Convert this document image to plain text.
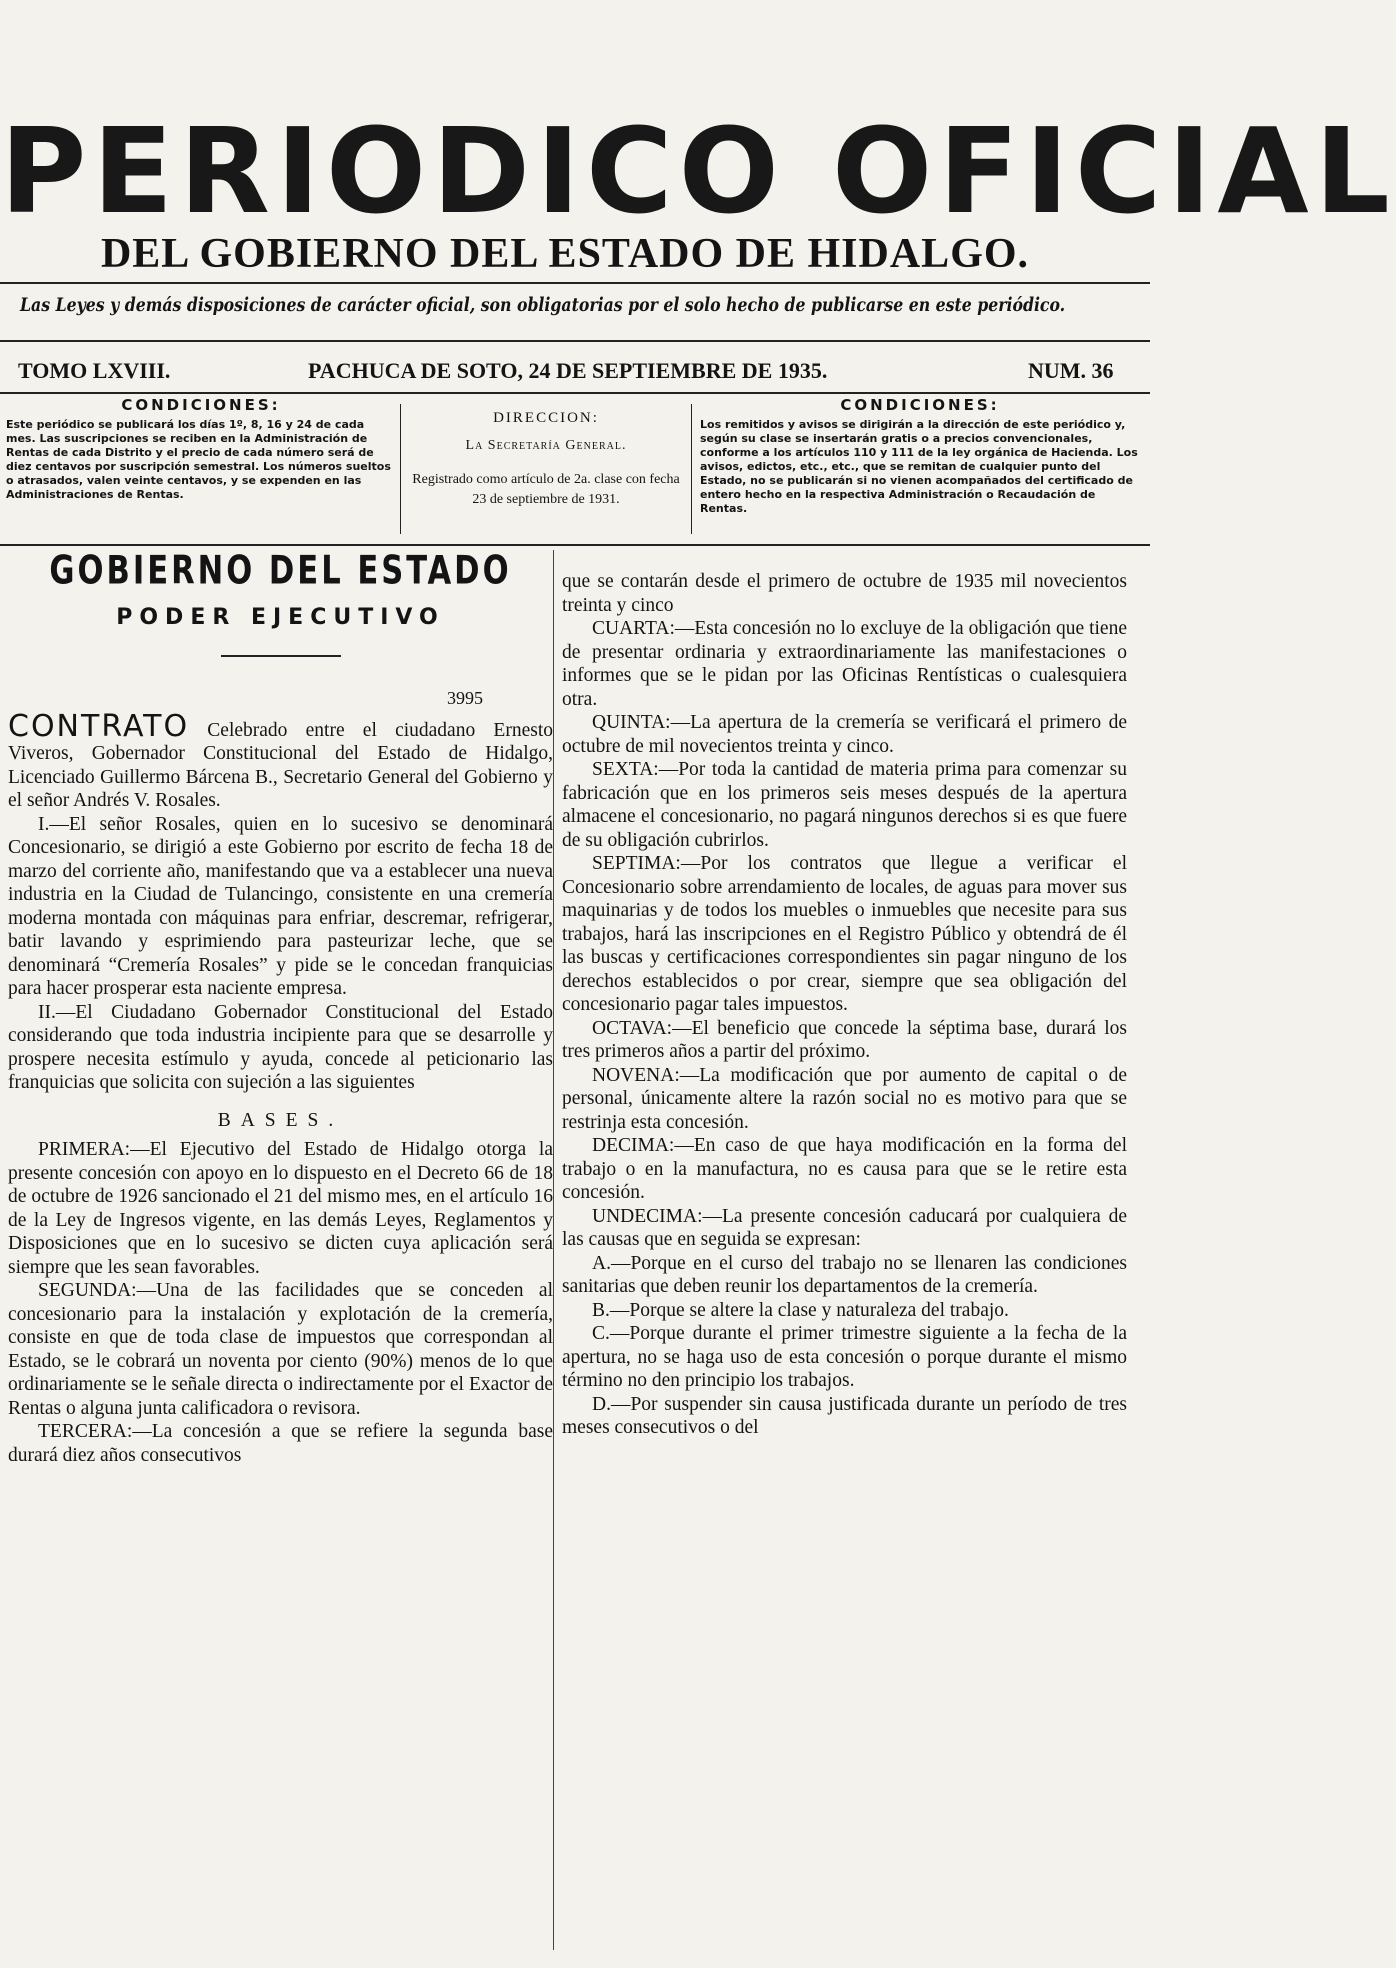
PERIODICO OFICIAL
DEL GOBIERNO DEL ESTADO DE HIDALGO.
Las Leyes y demás disposiciones de carácter oficial, son obligatorias por el solo hecho de publicarse en este periódico.
TOMO LXVIII.	PACHUCA DE SOTO, 24 DE SEPTIEMBRE DE 1935.	NUM. 36
CONDICIONES:
Este periódico se publicará los días 1º, 8, 16 y 24 de cada mes. Las suscripciones se reciben en la Administración de Rentas de cada Distrito y el precio de cada número será de diez centavos por suscripción semestral. Los números sueltos o atrasados, valen veinte centavos, y se expenden en las Administraciones de Rentas.
DIRECCION:
La Secretaría General.
Registrado como artículo de 2a. clase con fecha 23 de septiembre de 1931.
CONDICIONES:
Los remitidos y avisos se dirigirán a la dirección de este periódico y, según su clase se insertarán gratis o a precios convencionales, conforme a los artículos 110 y 111 de la ley orgánica de Hacienda. Los avisos, edictos, etc., etc., que se remitan de cualquier punto del Estado, no se publicarán si no vienen acompañados del certificado de entero hecho en la respectiva Administración o Recaudación de Rentas.
GOBIERNO DEL ESTADO
PODER EJECUTIVO
3995

CONTRATO Celebrado entre el ciudadano Ernesto Viveros, Gobernador Constitucional del Estado de Hidalgo, Licenciado Guillermo Bárcena B., Secretario General del Gobierno y el señor Andrés V. Rosales.

I.—El señor Rosales, quien en lo sucesivo se denominará Concesionario, se dirigió a este Gobierno por escrito de fecha 18 de marzo del corriente año, manifestando que va a establecer una nueva industria en la Ciudad de Tulancingo, consistente en una cremería moderna montada con máquinas para enfriar, descremar, refrigerar, batir lavando y esprimiendo para pasteurizar leche, que se denominará “Cremería Rosales” y pide se le concedan franquicias para hacer prosperar esta naciente empresa.

II.—El Ciudadano Gobernador Constitucional del Estado considerando que toda industria incipiente para que se desarrolle y prospere necesita estímulo y ayuda, concede al peticionario las franquicias que solicita con sujeción a las siguientes

BASES.

PRIMERA:—El Ejecutivo del Estado de Hidalgo otorga la presente concesión con apoyo en lo dispuesto en el Decreto 66 de 18 de octubre de 1926 sancionado el 21 del mismo mes, en el artículo 16 de la Ley de Ingresos vigente, en las demás Leyes, Reglamentos y Disposiciones que en lo sucesivo se dicten cuya aplicación será siempre que les sean favorables.

SEGUNDA:—Una de las facilidades que se conceden al concesionario para la instalación y explotación de la cremería, consiste en que de toda clase de impuestos que correspondan al Estado, se le cobrará un noventa por ciento (90%) menos de lo que ordinariamente se le señale directa o indirectamente por el Exactor de Rentas o alguna junta calificadora o revisora.

TERCERA:—La concesión a que se refiere la segunda base durará diez años consecutivos

que se contarán desde el primero de octubre de 1935 mil novecientos treinta y cinco

CUARTA:—Esta concesión no lo excluye de la obligación que tiene de presentar ordinaria y extraordinariamente las manifestaciones o informes que se le pidan por las Oficinas Rentísticas o cualesquiera otra.

QUINTA:—La apertura de la cremería se verificará el primero de octubre de mil novecientos treinta y cinco.

SEXTA:—Por toda la cantidad de materia prima para comenzar su fabricación que en los primeros seis meses después de la apertura almacene el concesionario, no pagará ningunos derechos si es que fuere de su obligación cubrirlos.

SEPTIMA:—Por los contratos que llegue a verificar el Concesionario sobre arrendamiento de locales, de aguas para mover sus maquinarias y de todos los muebles o inmuebles que necesite para sus trabajos, hará las inscripciones en el Registro Público y obtendrá de él las buscas y certificaciones correspondientes sin pagar ninguno de los derechos establecidos o por crear, siempre que sea obligación del concesionario pagar tales impuestos.

OCTAVA:—El beneficio que concede la séptima base, durará los tres primeros años a partir del próximo.

NOVENA:—La modificación que por aumento de capital o de personal, únicamente altere la razón social no es motivo para que se restrinja esta concesión.

DECIMA:—En caso de que haya modificación en la forma del trabajo o en la manufactura, no es causa para que se le retire esta concesión.

UNDECIMA:—La presente concesión caducará por cualquiera de las causas que en seguida se expresan:

A.—Porque en el curso del trabajo no se llenaren las condiciones sanitarias que deben reunir los departamentos de la cremería.

B.—Porque se altere la clase y naturaleza del trabajo.

C.—Porque durante el primer trimestre siguiente a la fecha de la apertura, no se haga uso de esta concesión o porque durante el mismo término no den principio los trabajos.

D.—Por suspender sin causa justificada durante un período de tres meses consecutivos o del
